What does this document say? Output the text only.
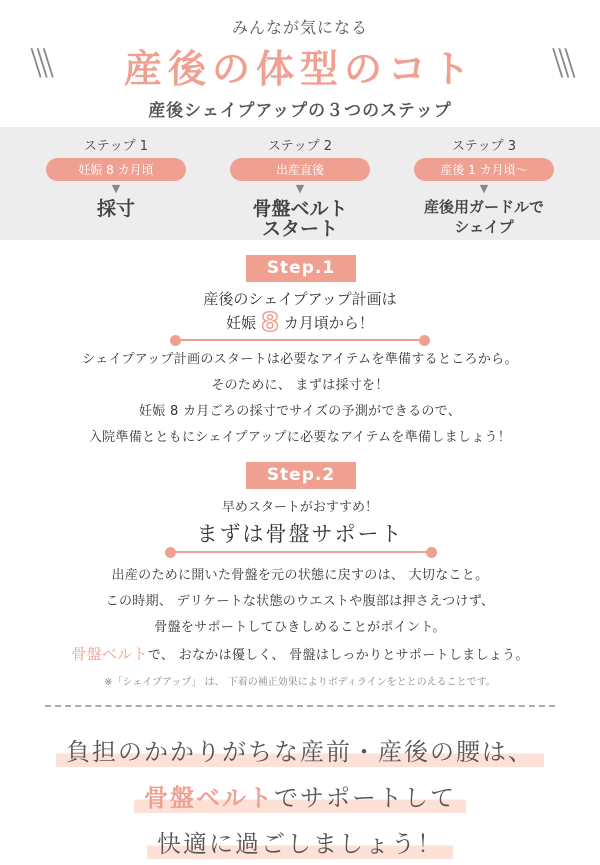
みんなが気になる
\\\	産後の体型のコト	\\\
産後シェイプアップの３つのステップ
ステップ 1
妊娠 8 カ月頃
▼
採寸
ステップ 2
出産直後
▼
骨盤ベルト
スタート
ステップ 3
産後 1 カ月頃～
▼
産後用ガードルで
シェイプ
Step.1
産後のシェイプアップ計画は
妊娠 8 カ月頃から！
シェイプアップ計画のスタートは必要なアイテムを準備するところから。
そのために、 まずは採寸を！
妊娠 8 カ月ごろの採寸でサイズの予測ができるので、
入院準備とともにシェイプアップに必要なアイテムを準備しましょう！
Step.2
早めスタートがおすすめ！
まずは骨盤サポート
出産のために開いた骨盤を元の状態に戻すのは、 大切なこと。
この時期、 デリケートな状態のウエストや腹部は押さえつけず、
骨盤をサポートしてひきしめることがポイント。
骨盤ベルトで、 おなかは優しく、 骨盤はしっかりとサポートしましょう。
※「シェイプアップ」 は、 下着の補正効果によりボディラインをととのえることです。
負担のかかりがちな産前・産後の腰は、
骨盤ベルトでサポートして
快適に過ごしましょう！
